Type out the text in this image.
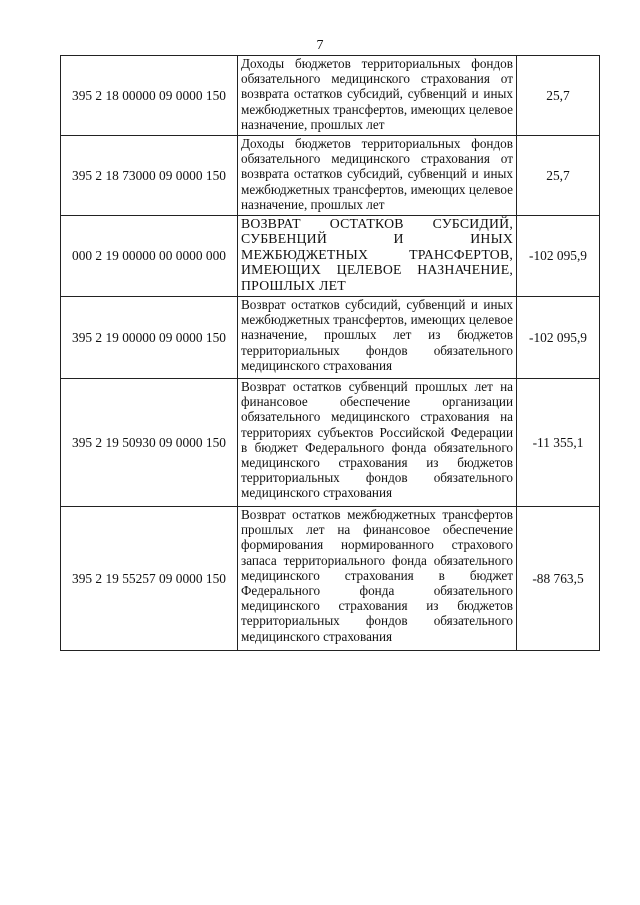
7
395 2 18 00000 09 0000 150	Доходы бюджетов территориальных фондов обязательного медицинского страхования от возврата остатков субсидий, субвенций и иных межбюджетных трансфертов, имеющих целевое назначение, прошлых лет	25,7
395 2 18 73000 09 0000 150	Доходы бюджетов территориальных фондов обязательного медицинского страхования от возврата остатков субсидий, субвенций и иных межбюджетных трансфертов, имеющих целевое назначение, прошлых лет	25,7
000 2 19 00000 00 0000 000	ВОЗВРАТ ОСТАТКОВ СУБСИДИЙ, СУБВЕНЦИЙ И ИНЫХ МЕЖБЮДЖЕТНЫХ ТРАНСФЕРТОВ, ИМЕЮЩИХ ЦЕЛЕВОЕ НАЗНАЧЕНИЕ, ПРОШЛЫХ ЛЕТ	-102 095,9
395 2 19 00000 09 0000 150	Возврат остатков субсидий, субвенций и иных межбюджетных трансфертов, имеющих целевое назначение, прошлых лет из бюджетов территориальных фондов обязательного медицинского страхования	-102 095,9
395 2 19 50930 09 0000 150	Возврат остатков субвенций прошлых лет на финансовое обеспечение организации обязательного медицинского страхования на территориях субъектов Российской Федерации в бюджет Федерального фонда обязательного медицинского страхования из бюджетов территориальных фондов обязательного медицинского страхования	-11 355,1
395 2 19 55257 09 0000 150	Возврат остатков межбюджетных трансфертов прошлых лет на финансовое обеспечение формирования нормированного страхового запаса территориального фонда обязательного медицинского страхования в бюджет Федерального фонда обязательного медицинского страхования из бюджетов территориальных фондов обязательного медицинского страхования	-88 763,5
